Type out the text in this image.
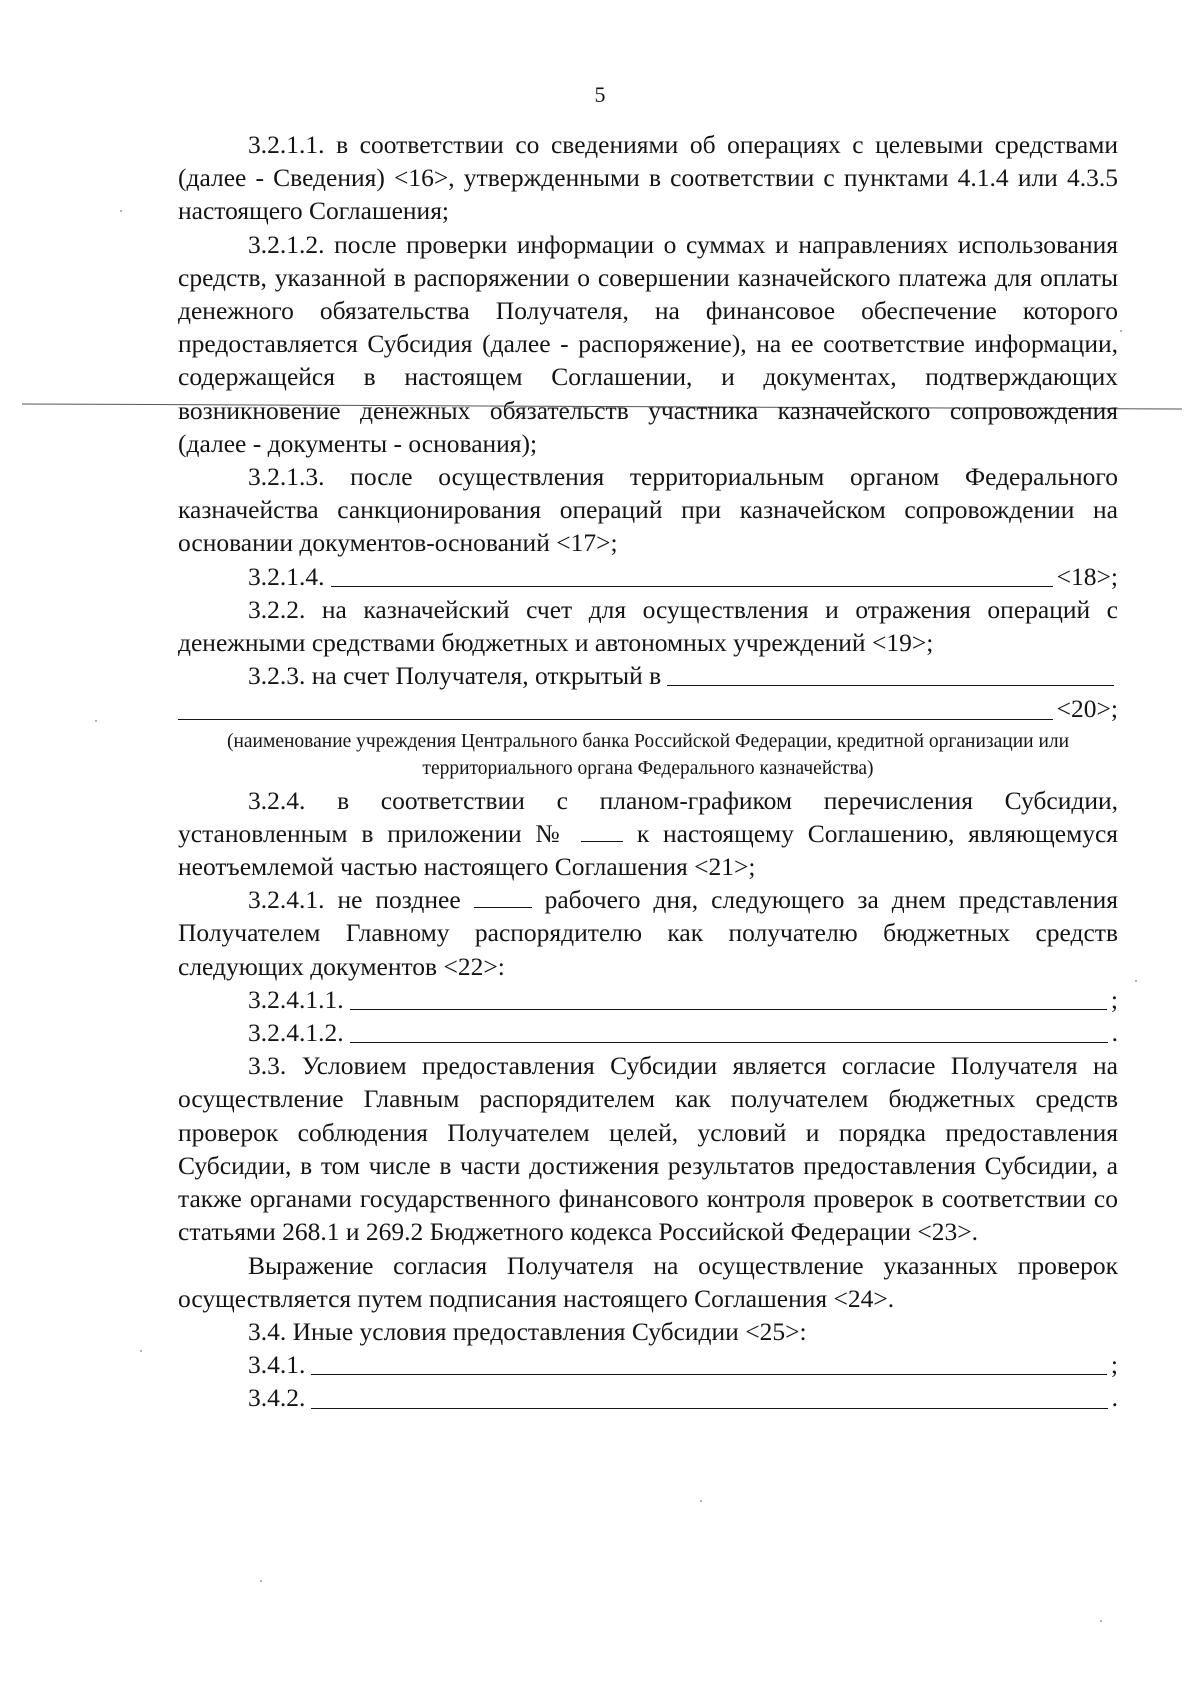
5

3.2.1.1. в соответствии со сведениями об операциях с целевыми средствами (далее - Сведения) <16>, утвержденными в соответствии с пунктами 4.1.4 или 4.3.5 настоящего Соглашения;

3.2.1.2. после проверки информации о суммах и направлениях использования средств, указанной в распоряжении о совершении казначейского платежа для оплаты денежного обязательства Получателя, на финансовое обеспечение которого предоставляется Субсидия (далее - распоряжение), на ее соответствие информации, содержащейся в настоящем Соглашении, и документах, подтверждающих возникновение денежных обязательств участника казначейского сопровождения (далее - документы - основания);

3.2.1.3. после осуществления территориальным органом Федерального казначейства санкционирования операций при казначейском сопровождении на основании документов-оснований <17>;

3.2.1.4.	<18>;

3.2.2. на казначейский счет для осуществления и отражения операций с денежными средствами бюджетных и автономных учреждений <19>;

3.2.3. на счет Получателя, открытый в
<20>;
(наименование учреждения Центрального банка Российской Федерации, кредитной организации или территориального органа Федерального казначейства)

3.2.4. в соответствии с планом-графиком перечисления Субсидии, установленным в приложении №	к настоящему Соглашению, являющемуся неотъемлемой частью настоящего Соглашения <21>;

3.2.4.1. не позднее	рабочего дня, следующего за днем представления Получателем Главному распорядителю как получателю бюджетных средств следующих документов <22>:

3.2.4.1.1.	;
3.2.4.1.2.	.

3.3. Условием предоставления Субсидии является согласие Получателя на осуществление Главным распорядителем как получателем бюджетных средств проверок соблюдения Получателем целей, условий и порядка предоставления Субсидии, в том числе в части достижения результатов предоставления Субсидии, а также органами государственного финансового контроля проверок в соответствии со статьями 268.1 и 269.2 Бюджетного кодекса Российской Федерации <23>.

Выражение согласия Получателя на осуществление указанных проверок осуществляется путем подписания настоящего Соглашения <24>.

3.4. Иные условия предоставления Субсидии <25>:

3.4.1.	;
3.4.2.	.
